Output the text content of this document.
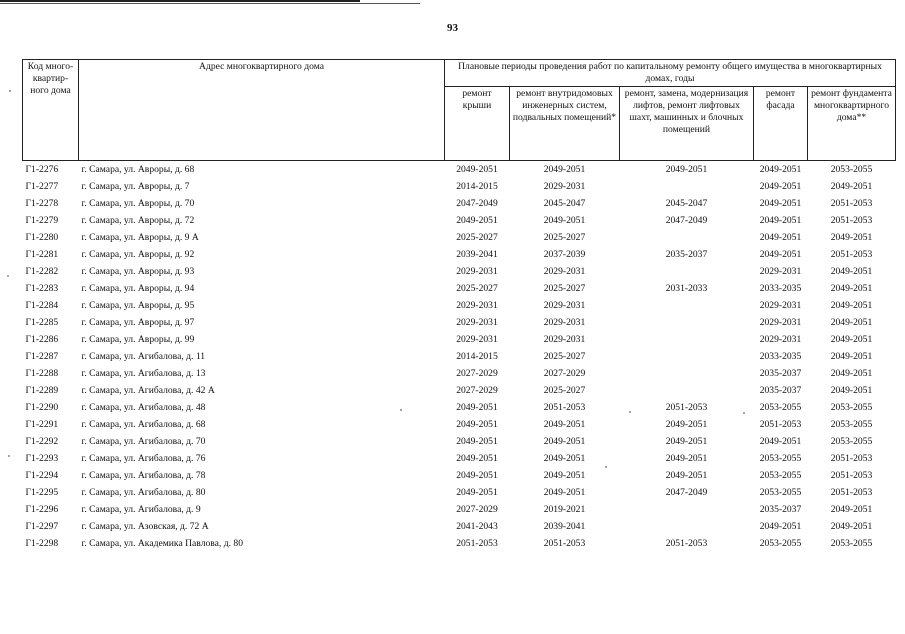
93
Код много-квартир-ного дома	Адрес многоквартирного дома	Плановые периоды проведения работ по капитальному ремонту общего имущества в многоквартирных домах, годы				
		ремонт крыши	ремонт внутридомовых инженерных систем, подвальных помещений*	ремонт, замена, модернизация лифтов, ремонт лифтовых шахт, машинных и блочных помещений	ремонт фасада	ремонт фундамента многоквартирного дома**
Г1-2276	г. Самара, ул. Авроры, д. 68	2049-2051	2049-2051	2049-2051	2049-2051	2053-2055
Г1-2277	г. Самара, ул. Авроры, д. 7	2014-2015	2029-2031		2049-2051	2049-2051
Г1-2278	г. Самара, ул. Авроры, д. 70	2047-2049	2045-2047	2045-2047	2049-2051	2051-2053
Г1-2279	г. Самара, ул. Авроры, д. 72	2049-2051	2049-2051	2047-2049	2049-2051	2051-2053
Г1-2280	г. Самара, ул. Авроры, д. 9 А	2025-2027	2025-2027		2049-2051	2049-2051
Г1-2281	г. Самара, ул. Авроры, д. 92	2039-2041	2037-2039	2035-2037	2049-2051	2051-2053
Г1-2282	г. Самара, ул. Авроры, д. 93	2029-2031	2029-2031		2029-2031	2049-2051
Г1-2283	г. Самара, ул. Авроры, д. 94	2025-2027	2025-2027	2031-2033	2033-2035	2049-2051
Г1-2284	г. Самара, ул. Авроры, д. 95	2029-2031	2029-2031		2029-2031	2049-2051
Г1-2285	г. Самара, ул. Авроры, д. 97	2029-2031	2029-2031		2029-2031	2049-2051
Г1-2286	г. Самара, ул. Авроры, д. 99	2029-2031	2029-2031		2029-2031	2049-2051
Г1-2287	г. Самара, ул. Агибалова, д. 11	2014-2015	2025-2027		2033-2035	2049-2051
Г1-2288	г. Самара, ул. Агибалова, д. 13	2027-2029	2027-2029		2035-2037	2049-2051
Г1-2289	г. Самара, ул. Агибалова, д. 42 А	2027-2029	2025-2027		2035-2037	2049-2051
Г1-2290	г. Самара, ул. Агибалова, д. 48	2049-2051	2051-2053	2051-2053	2053-2055	2053-2055
Г1-2291	г. Самара, ул. Агибалова, д. 68	2049-2051	2049-2051	2049-2051	2051-2053	2053-2055
Г1-2292	г. Самара, ул. Агибалова, д. 70	2049-2051	2049-2051	2049-2051	2049-2051	2053-2055
Г1-2293	г. Самара, ул. Агибалова, д. 76	2049-2051	2049-2051	2049-2051	2053-2055	2051-2053
Г1-2294	г. Самара, ул. Агибалова, д. 78	2049-2051	2049-2051	2049-2051	2053-2055	2051-2053
Г1-2295	г. Самара, ул. Агибалова, д. 80	2049-2051	2049-2051	2047-2049	2053-2055	2051-2053
Г1-2296	г. Самара, ул. Агибалова, д. 9	2027-2029	2019-2021		2035-2037	2049-2051
Г1-2297	г. Самара, ул. Азовская, д. 72 А	2041-2043	2039-2041		2049-2051	2049-2051
Г1-2298	г. Самара, ул. Академика Павлова, д. 80	2051-2053	2051-2053	2051-2053	2053-2055	2053-2055
